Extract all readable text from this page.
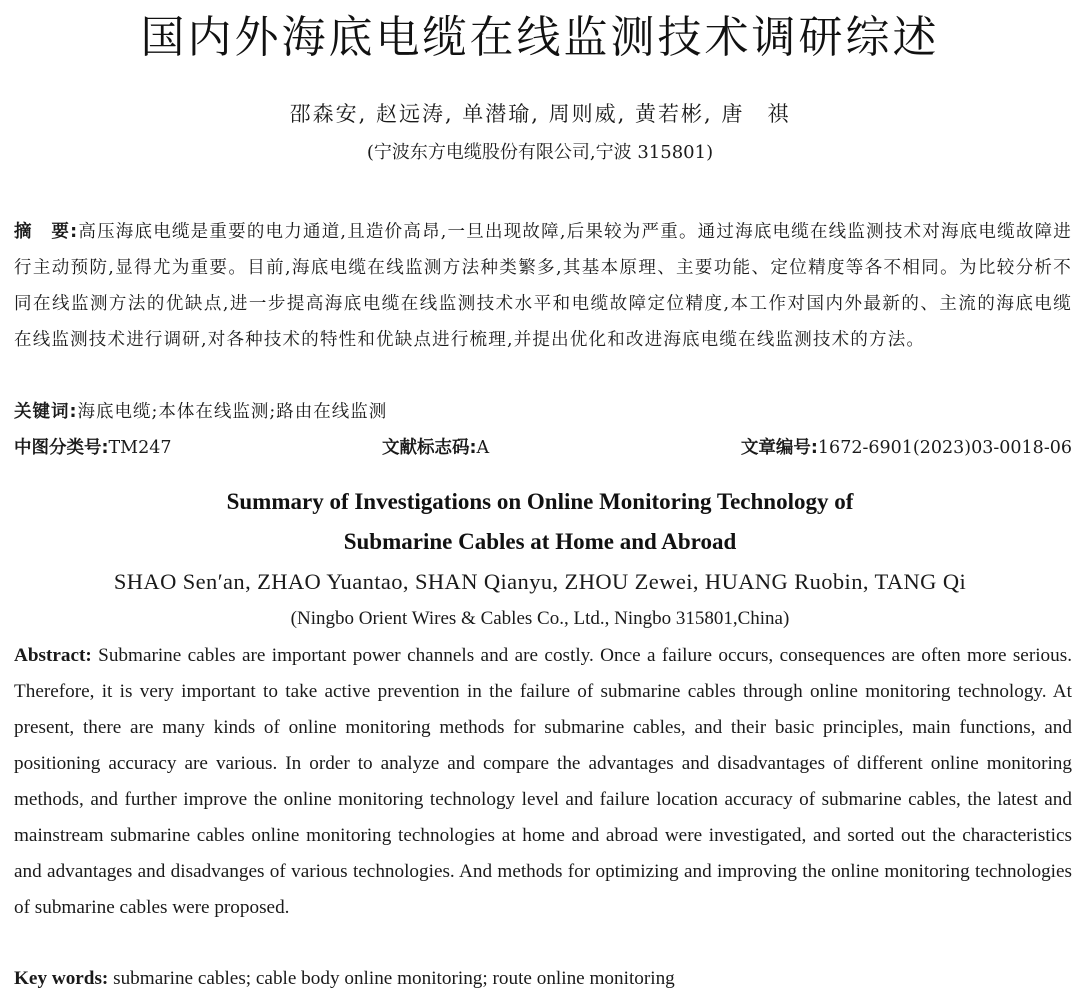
国内外海底电缆在线监测技术调研综述
邵森安, 赵远涛, 单潜瑜, 周则威, 黄若彬, 唐　祺
(宁波东方电缆股份有限公司,宁波 315801)

摘　要:高压海底电缆是重要的电力通道,且造价高昂,一旦出现故障,后果较为严重。通过海底电缆在线监测技术对海底电缆故障进行主动预防,显得尤为重要。目前,海底电缆在线监测方法种类繁多,其基本原理、主要功能、定位精度等各不相同。为比较分析不同在线监测方法的优缺点,进一步提高海底电缆在线监测技术水平和电缆故障定位精度,本工作对国内外最新的、主流的海底电缆在线监测技术进行调研,对各种技术的特性和优缺点进行梳理,并提出优化和改进海底电缆在线监测技术的方法。

关键词:海底电缆;本体在线监测;路由在线监测

中图分类号:TM247	文献标志码:A	文章编号:1672-6901(2023)03-0018-06
Summary of Investigations on Online Monitoring Technology of
Submarine Cables at Home and Abroad
SHAO Sen′an, ZHAO Yuantao, SHAN Qianyu, ZHOU Zewei, HUANG Ruobin, TANG Qi
(Ningbo Orient Wires & Cables Co., Ltd., Ningbo 315801,China)

Abstract: Submarine cables are important power channels and are costly. Once a failure occurs, consequences are often more serious. Therefore, it is very important to take active prevention in the failure of submarine cables through online monitoring technology. At present, there are many kinds of online monitoring methods for submarine cables, and their basic principles, main functions, and positioning accuracy are various. In order to analyze and compare the advantages and disadvantages of different online monitoring methods, and further improve the online monitoring technology level and failure location accuracy of submarine cables, the latest and mainstream submarine cables online monitoring technologies at home and abroad were investigated, and sorted out the characteristics and advantages and disadvanges of various technologies. And methods for optimizing and improving the online monitoring technologies of submarine cables were proposed.

Key words: submarine cables; cable body online monitoring; route online monitoring
